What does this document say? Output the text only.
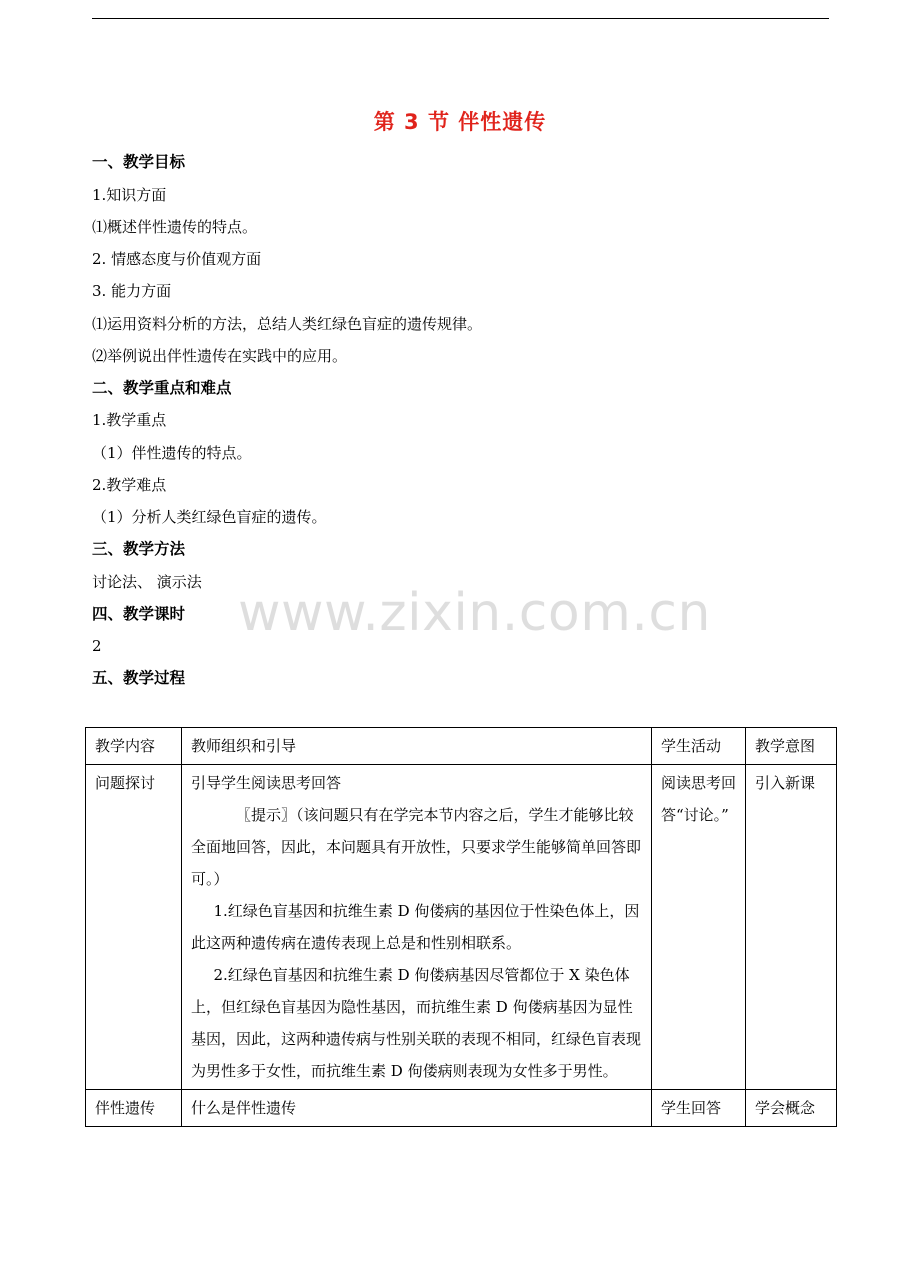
第 3 节 伴性遗传
一、教学目标
1.知识方面
⑴概述伴性遗传的特点。
2. 情感态度与价值观方面
3. 能力方面
⑴运用资料分析的方法，总结人类红绿色盲症的遗传规律。
⑵举例说出伴性遗传在实践中的应用。
二、教学重点和难点
1.教学重点
（1）伴性遗传的特点。
2.教学难点
（1）分析人类红绿色盲症的遗传。
三、教学方法
讨论法、 演示法
四、教学课时
2
五、教学过程
www.zixin.com.cn
教学内容	教师组织和引导	学生活动	教学意图
问题探讨	引导学生阅读思考回答

〖提示〗（该问题只有在学完本节内容之后，学生才能够比较全面地回答，因此，本问题具有开放性，只要求学生能够简单回答即可。）

1.红绿色盲基因和抗维生素 D 佝偻病的基因位于性染色体上，因此这两种遗传病在遗传表现上总是和性别相联系。

2.红绿色盲基因和抗维生素 D 佝偻病基因尽管都位于 X 染色体上，但红绿色盲基因为隐性基因，而抗维生素 D 佝偻病基因为显性基因，因此，这两种遗传病与性别关联的表现不相同，红绿色盲表现为男性多于女性，而抗维生素 D 佝偻病则表现为女性多于男性。	阅读思考回答“讨论。”	引入新课
伴性遗传	什么是伴性遗传	学生回答	学会概念
